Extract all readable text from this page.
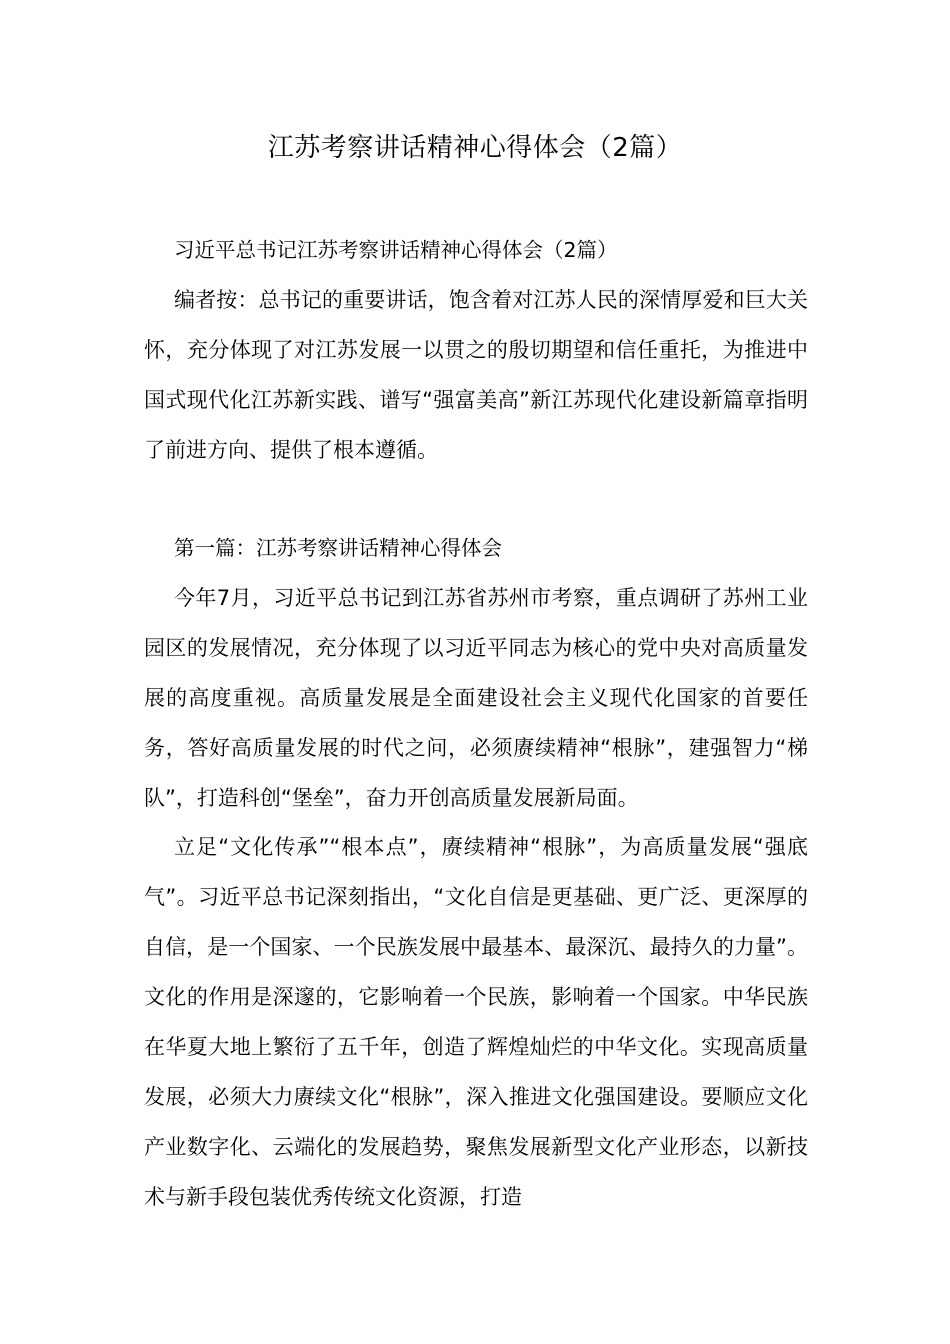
江苏考察讲话精神心得体会（2篇）

习近平总书记江苏考察讲话精神心得体会（2篇）

编者按：总书记的重要讲话，饱含着对江苏人民的深情厚爱和巨大关怀，充分体现了对江苏发展一以贯之的殷切期望和信任重托，为推进中国式现代化江苏新实践、谱写“强富美高”新江苏现代化建设新篇章指明了前进方向、提供了根本遵循。

第一篇：江苏考察讲话精神心得体会

今年7月，习近平总书记到江苏省苏州市考察，重点调研了苏州工业园区的发展情况，充分体现了以习近平同志为核心的党中央对高质量发展的高度重视。高质量发展是全面建设社会主义现代化国家的首要任务，答好高质量发展的时代之问，必须赓续精神“根脉”，建强智力“梯队”，打造科创“堡垒”，奋力开创高质量发展新局面。

立足“文化传承”“根本点”，赓续精神“根脉”，为高质量发展“强底气”。习近平总书记深刻指出，“文化自信是更基础、更广泛、更深厚的自信，是一个国家、一个民族发展中最基本、最深沉、最持久的力量”。文化的作用是深邃的，它影响着一个民族，影响着一个国家。中华民族在华夏大地上繁衍了五千年，创造了辉煌灿烂的中华文化。实现高质量发展，必须大力赓续文化“根脉”，深入推进文化强国建设。要顺应文化产业数字化、云端化的发展趋势，聚焦发展新型文化产业形态，以新技术与新手段包装优秀传统文化资源，打造
